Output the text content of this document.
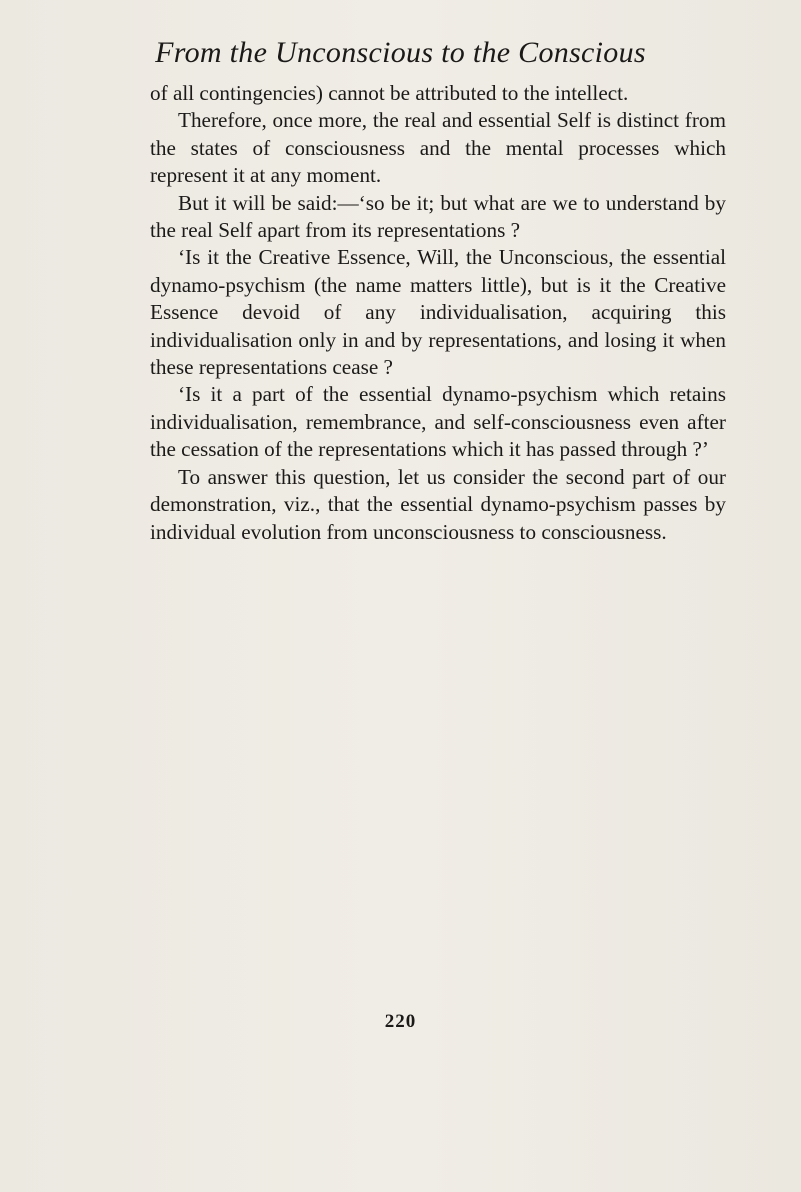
From the Unconscious to the Conscious

of all contingencies) cannot be attributed to the intellect.

Therefore, once more, the real and essential Self is distinct from the states of consciousness and the mental processes which represent it at any moment.

But it will be said:—‘so be it; but what are we to understand by the real Self apart from its representations ?

‘Is it the Creative Essence, Will, the Unconscious, the essential dynamo-psychism (the name matters little), but is it the Creative Essence devoid of any individualisation, acquiring this individualisation only in and by representations, and losing it when these representations cease ?

‘Is it a part of the essential dynamo-psychism which retains individualisation, remembrance, and self-consciousness even after the cessation of the representations which it has passed through ?’

To answer this question, let us consider the second part of our demonstration, viz., that the essential dynamo-psychism passes by individual evolution from unconsciousness to consciousness.

220
